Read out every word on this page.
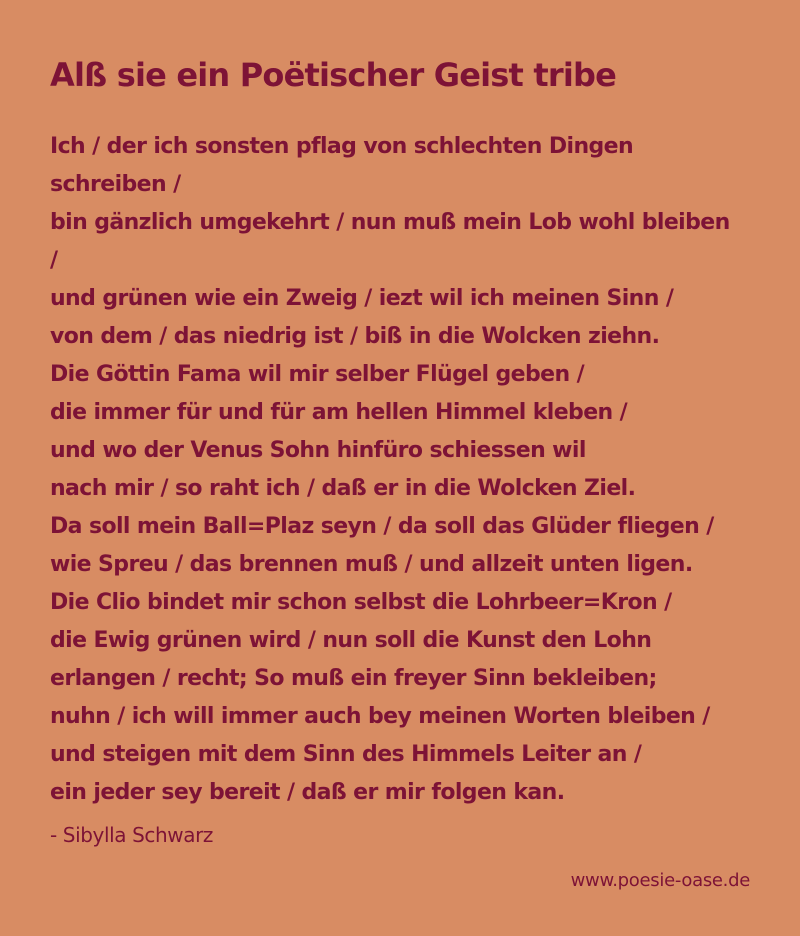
Alß sie ein Poëtischer Geist tribe
Ich / der ich sonsten pflag von schlechten Dingen
schreiben /
bin gänzlich umgekehrt / nun muß mein Lob wohl bleiben
/
und grünen wie ein Zweig / iezt wil ich meinen Sinn /
von dem / das niedrig ist / biß in die Wolcken ziehn.
Die Göttin Fama wil mir selber Flügel geben /
die immer für und für am hellen Himmel kleben /
und wo der Venus Sohn hinfüro schiessen wil
nach mir / so raht ich / daß er in die Wolcken Ziel.
Da soll mein Ball=Plaz seyn / da soll das Glüder fliegen /
wie Spreu / das brennen muß / und allzeit unten ligen.
Die Clio bindet mir schon selbst die Lohrbeer=Kron /
die Ewig grünen wird / nun soll die Kunst den Lohn
erlangen / recht; So muß ein freyer Sinn bekleiben;
nuhn / ich will immer auch bey meinen Worten bleiben /
und steigen mit dem Sinn des Himmels Leiter an /
ein jeder sey bereit / daß er mir folgen kan.
- Sibylla Schwarz
www.poesie-oase.de
